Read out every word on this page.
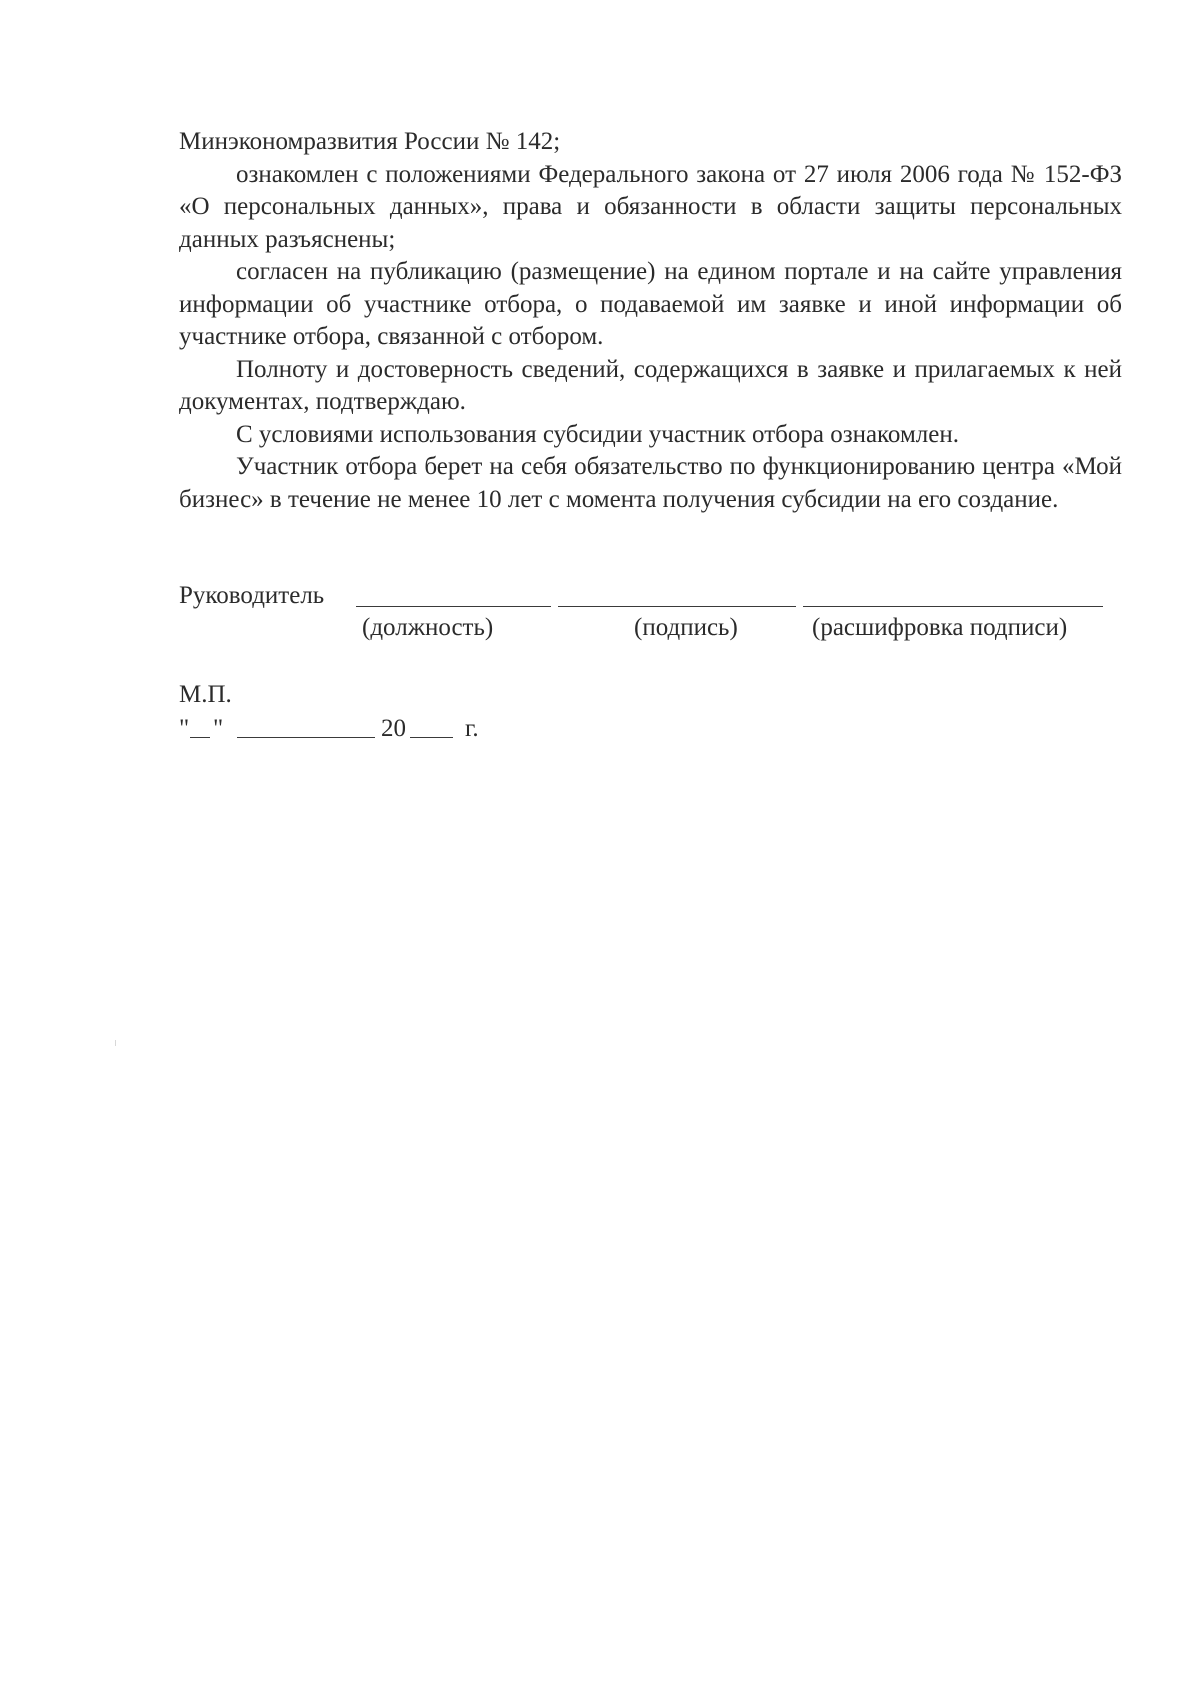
Минэкономразвития России № 142;

ознакомлен с положениями Федерального закона от 27 июля 2006 года № 152-ФЗ «О персональных данных», права и обязанности в области защиты персональных данных разъяснены;

согласен на публикацию (размещение) на едином портале и на сайте управления информации об участнике отбора, о подаваемой им заявке и иной информации об участнике отбора, связанной с отбором.

Полноту и достоверность сведений, содержащихся в заявке и прилагаемых к ней документах, подтверждаю.

С условиями использования субсидии участник отбора ознакомлен.

Участник отбора берет на себя обязательство по функционированию центра «Мой бизнес» в течение не менее 10 лет с момента получения субсидии на его создание.

Руководитель
(должность)	(подпись)	(расшифровка подписи)
М.П.
" "	20 г.
